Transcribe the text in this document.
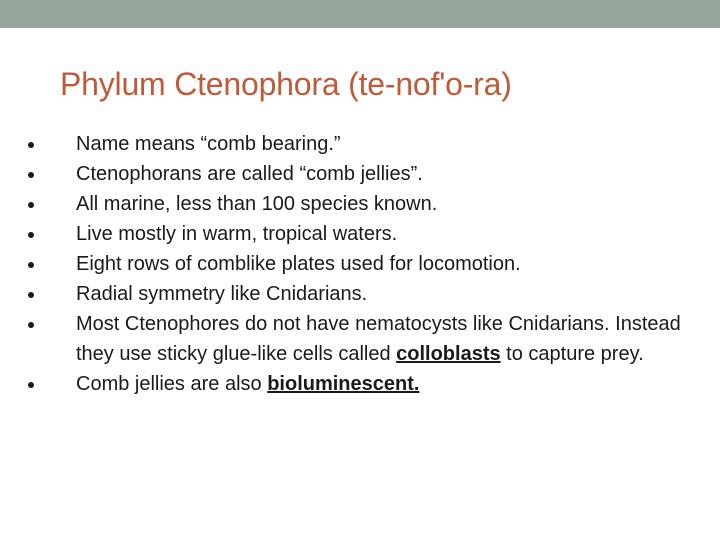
Phylum Ctenophora (te-nof'o-ra)
Name means “comb bearing.”
Ctenophorans are called “comb jellies”.
All marine, less than 100 species known.
Live mostly in warm, tropical waters.
Eight rows of comblike plates used for locomotion.
Radial symmetry like Cnidarians.
Most Ctenophores do not have nematocysts like Cnidarians. Instead they use sticky glue-like cells called colloblasts to capture prey.
Comb jellies are also bioluminescent.
